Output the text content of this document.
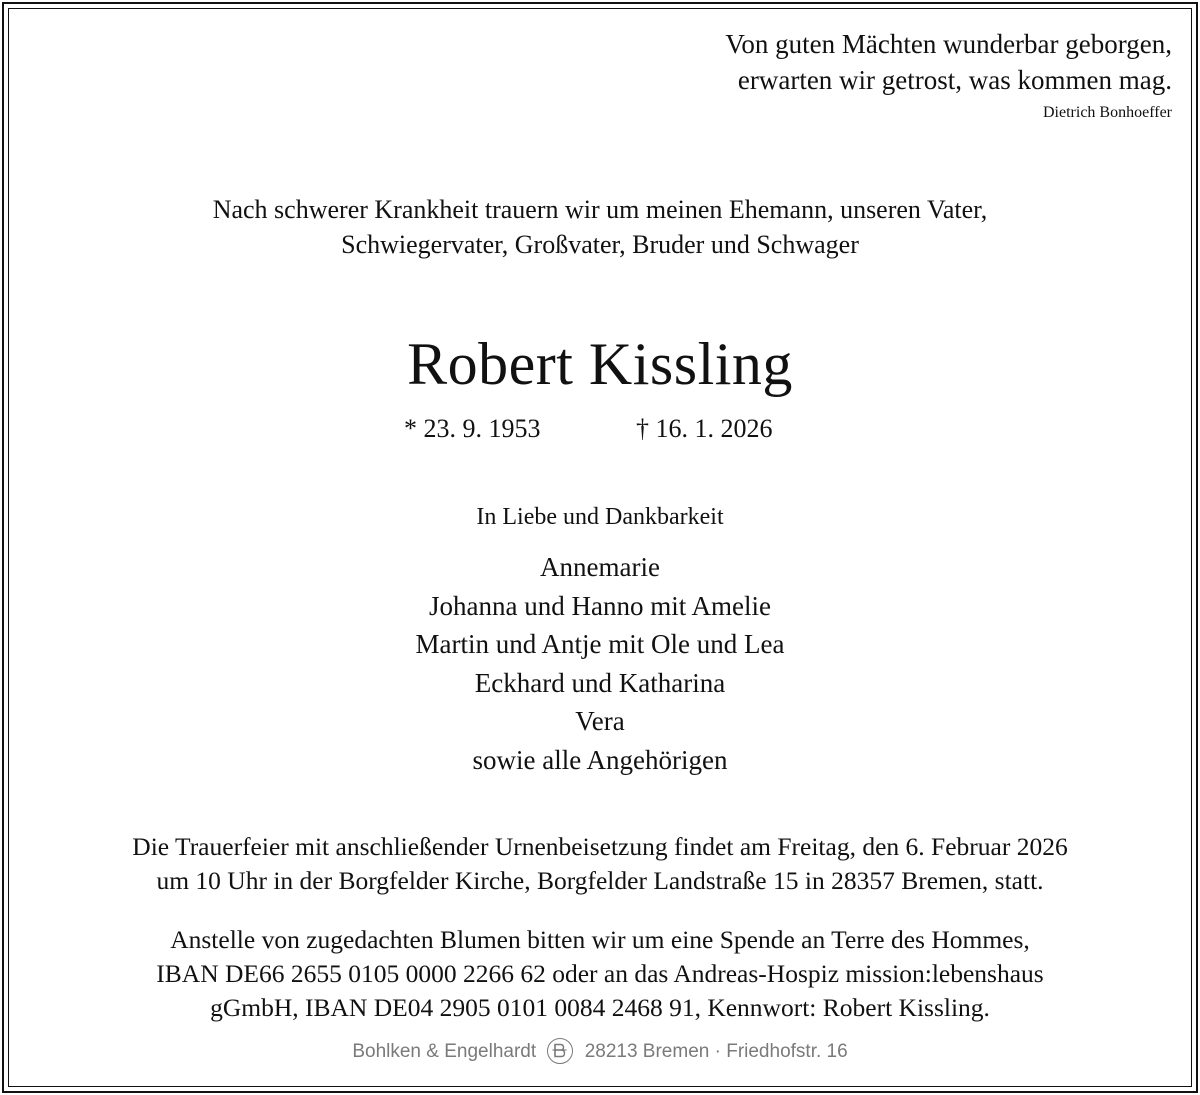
Von guten Mächten wunderbar geborgen,
erwarten wir getrost, was kommen mag.
Dietrich Bonhoeffer
Nach schwerer Krankheit trauern wir um meinen Ehemann, unseren Vater,
Schwiegervater, Großvater, Bruder und Schwager
Robert Kissling
* 23. 9. 1953	† 16. 1. 2026
In Liebe und Dankbarkeit
Annemarie
Johanna und Hanno mit Amelie
Martin und Antje mit Ole und Lea
Eckhard und Katharina
Vera
sowie alle Angehörigen
Die Trauerfeier mit anschließender Urnenbeisetzung findet am Freitag, den 6. Februar 2026
um 10 Uhr in der Borgfelder Kirche, Borgfelder Landstraße 15 in 28357 Bremen, statt.
Anstelle von zugedachten Blumen bitten wir um eine Spende an Terre des Hommes,
IBAN DE66 2655 0105 0000 2266 62 oder an das Andreas-Hospiz mission:lebenshaus
gGmbH, IBAN DE04 2905 0101 0084 2468 91, Kennwort: Robert Kissling.
Bohlken & Engelhardt	28213 Bremen · Friedhofstr. 16
